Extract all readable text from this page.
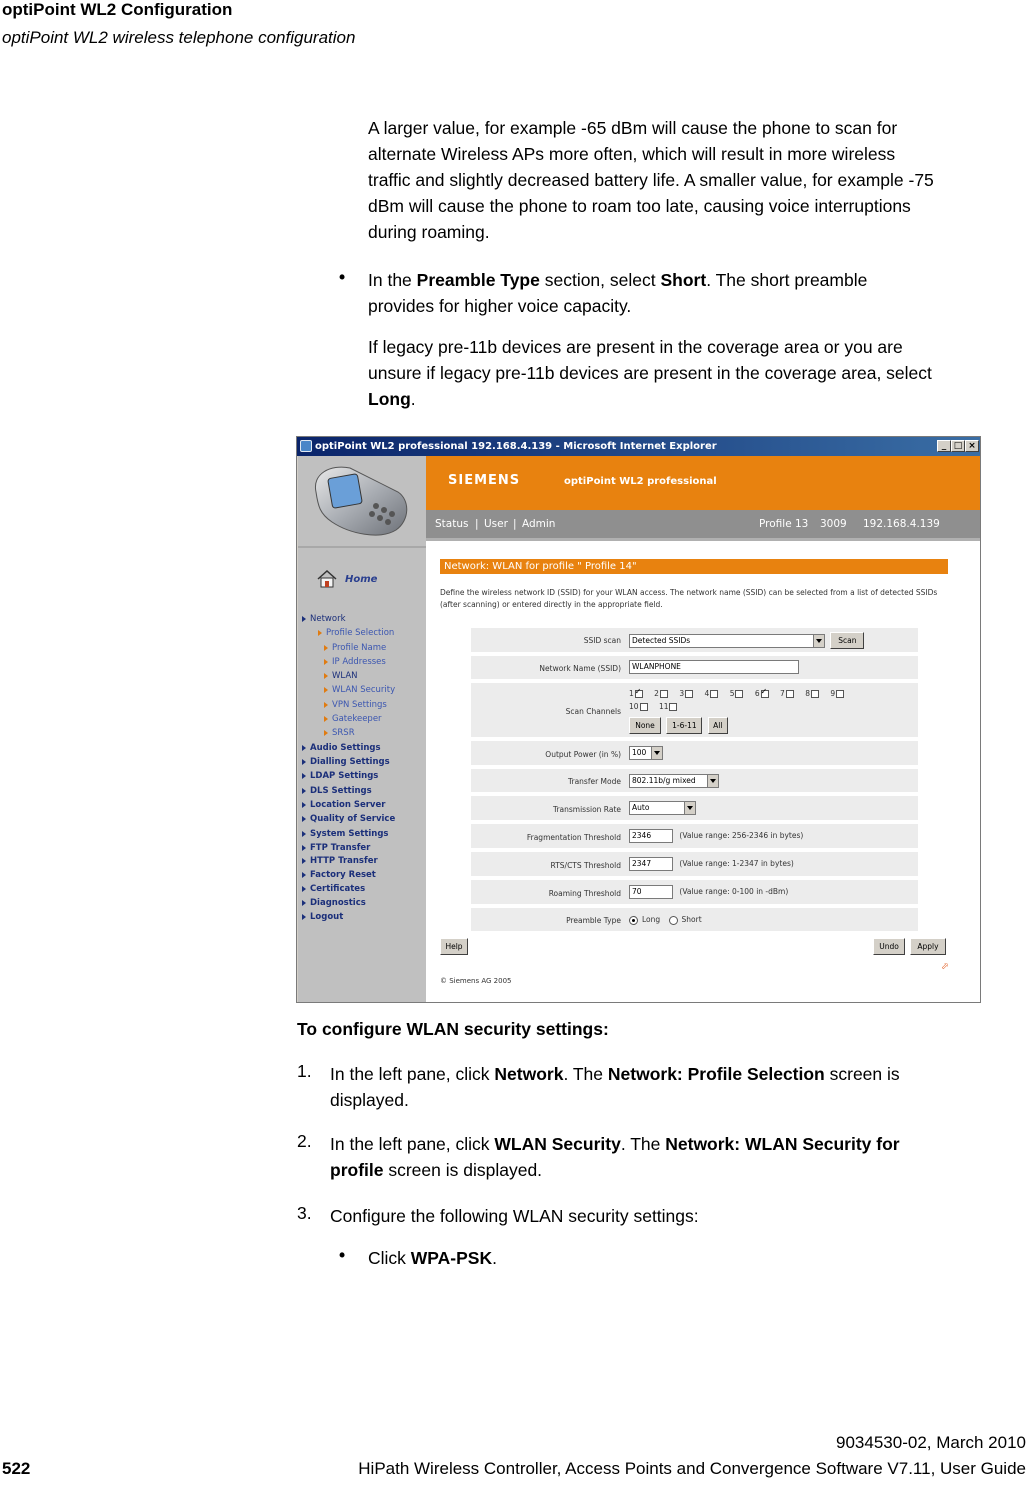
optiPoint WL2 Configuration
optiPoint WL2 wireless telephone configuration
A larger value, for example -65 dBm will cause the phone to scan for
alternate Wireless APs more often, which will result in more wireless
traffic and slightly decreased battery life. A smaller value, for example -75
dBm will cause the phone to roam too late, causing voice interruptions
during roaming.
• In the Preamble Type section, select Short. The short preamble
provides for higher voice capacity.
If legacy pre-11b devices are present in the coverage area or you are
unsure if legacy pre-11b devices are present in the coverage area, select
Long.
optiPoint WL2 professional 192.168.4.139 - Microsoft Internet Explorer	_ □ ×
Home
Network
Profile Selection
Profile Name
IP Addresses
WLAN
WLAN Security
VPN Settings
Gatekeeper
SRSR
Audio Settings
Dialling Settings
LDAP Settings
DLS Settings
Location Server
Quality of Service
System Settings
FTP Transfer
HTTP Transfer
Factory Reset
Certificates
Diagnostics
Logout
SIEMENS	optiPoint WL2 professional
Status | User | Admin	Profile 13 3009 192.168.4.139
Network: WLAN for profile " Profile 14"
Define the wireless network ID (SSID) for your WLAN access. The network name (SSID) can be selected from a list of detected SSIDs (after scanning) or entered directly in the appropriate field.
SSID scan	Detected SSIDs	Scan
Network Name (SSID)	WLANPHONE
Scan Channels
1 ✓	2	3	4	5	6 ✓	7	8	9
10	11
None 1-6-11 All
Output Power (in %)	100
Transfer Mode	802.11b/g mixed
Transmission Rate	Auto
Fragmentation Threshold	2346	(Value range: 256-2346 in bytes)
RTS/CTS Threshold	2347	(Value range: 1-2347 in bytes)
Roaming Threshold	70	(Value range: 0-100 in -dBm)
Preamble Type	Long	Short
Help	Undo	Apply
⬀
© Siemens AG 2005
To configure WLAN security settings:
1. In the left pane, click Network. The Network: Profile Selection screen is
displayed.
2. In the left pane, click WLAN Security. The Network: WLAN Security for
profile screen is displayed.
3. Configure the following WLAN security settings:
• Click WPA-PSK.
9034530-02, March 2010
522	HiPath Wireless Controller, Access Points and Convergence Software V7.11, User Guide
